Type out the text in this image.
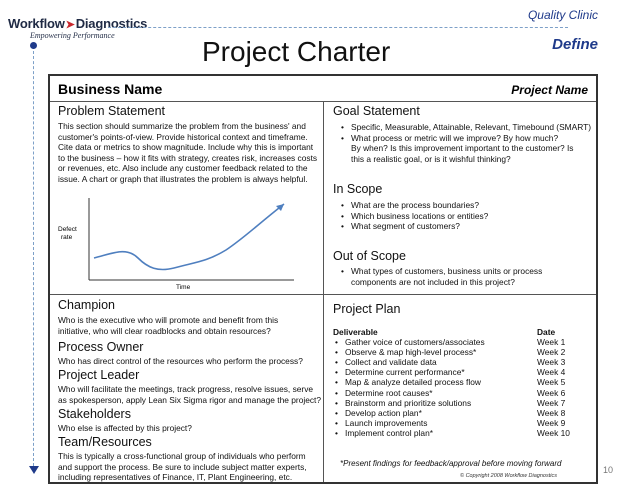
Workflow➤Diagnostics
Empowering Performance
Quality Clinic
Define
Project Charter
Business Name	Project Name
Problem Statement
This section should summarize the problem from the business' and
customer's points-of-view. Provide historical context and timeframe.
Cite data or metrics to show magnitude. Include why this is important
to the business – how it fits with strategy, creates risk, increases costs
or revenues, etc. Also include any customer feedback related to the
issue. A chart or graph that illustrates the problem is always helpful.
Defect
rate
Time
Goal Statement
• Specific, Measurable, Attainable, Relevant, Timebound (SMART)
• What process or metric will we improve? By how much?
By when? Is this improvement important to the customer? Is
this a realistic goal, or is it wishful thinking?
In Scope
• What are the process boundaries?
• Which business locations or entities?
• What segment of customers?
Out of Scope
• What types of customers, business units or process
components are not included in this project?
Champion
Who is the executive who will promote and benefit from this
initiative, who will clear roadblocks and obtain resources?
Process Owner
Who has direct control of the resources who perform the process?
Project Leader
Who will facilitate the meetings, track progress, resolve issues, serve
as spokesperson, apply Lean Six Sigma rigor and manage the project?
Stakeholders
Who else is affected by this project?
Team/Resources
This is typically a cross-functional group of individuals who perform
and support the process. Be sure to include subject matter experts,
including representatives of Finance, IT, Plant Engineering, etc.
Project Plan
Deliverable	Date
• Gather voice of customers/associates	Week 1
• Observe & map high-level process*	Week 2
• Collect and validate data	Week 3
• Determine current performance*	Week 4
• Map & analyze detailed process flow	Week 5
• Determine root causes*	Week 6
• Brainstorm and prioritize solutions	Week 7
• Develop action plan*	Week 8
• Launch improvements	Week 9
• Implement control plan*	Week 10
*Present findings for feedback/approval before moving forward
© Copyright 2008 Workflow Diagnostics
10
